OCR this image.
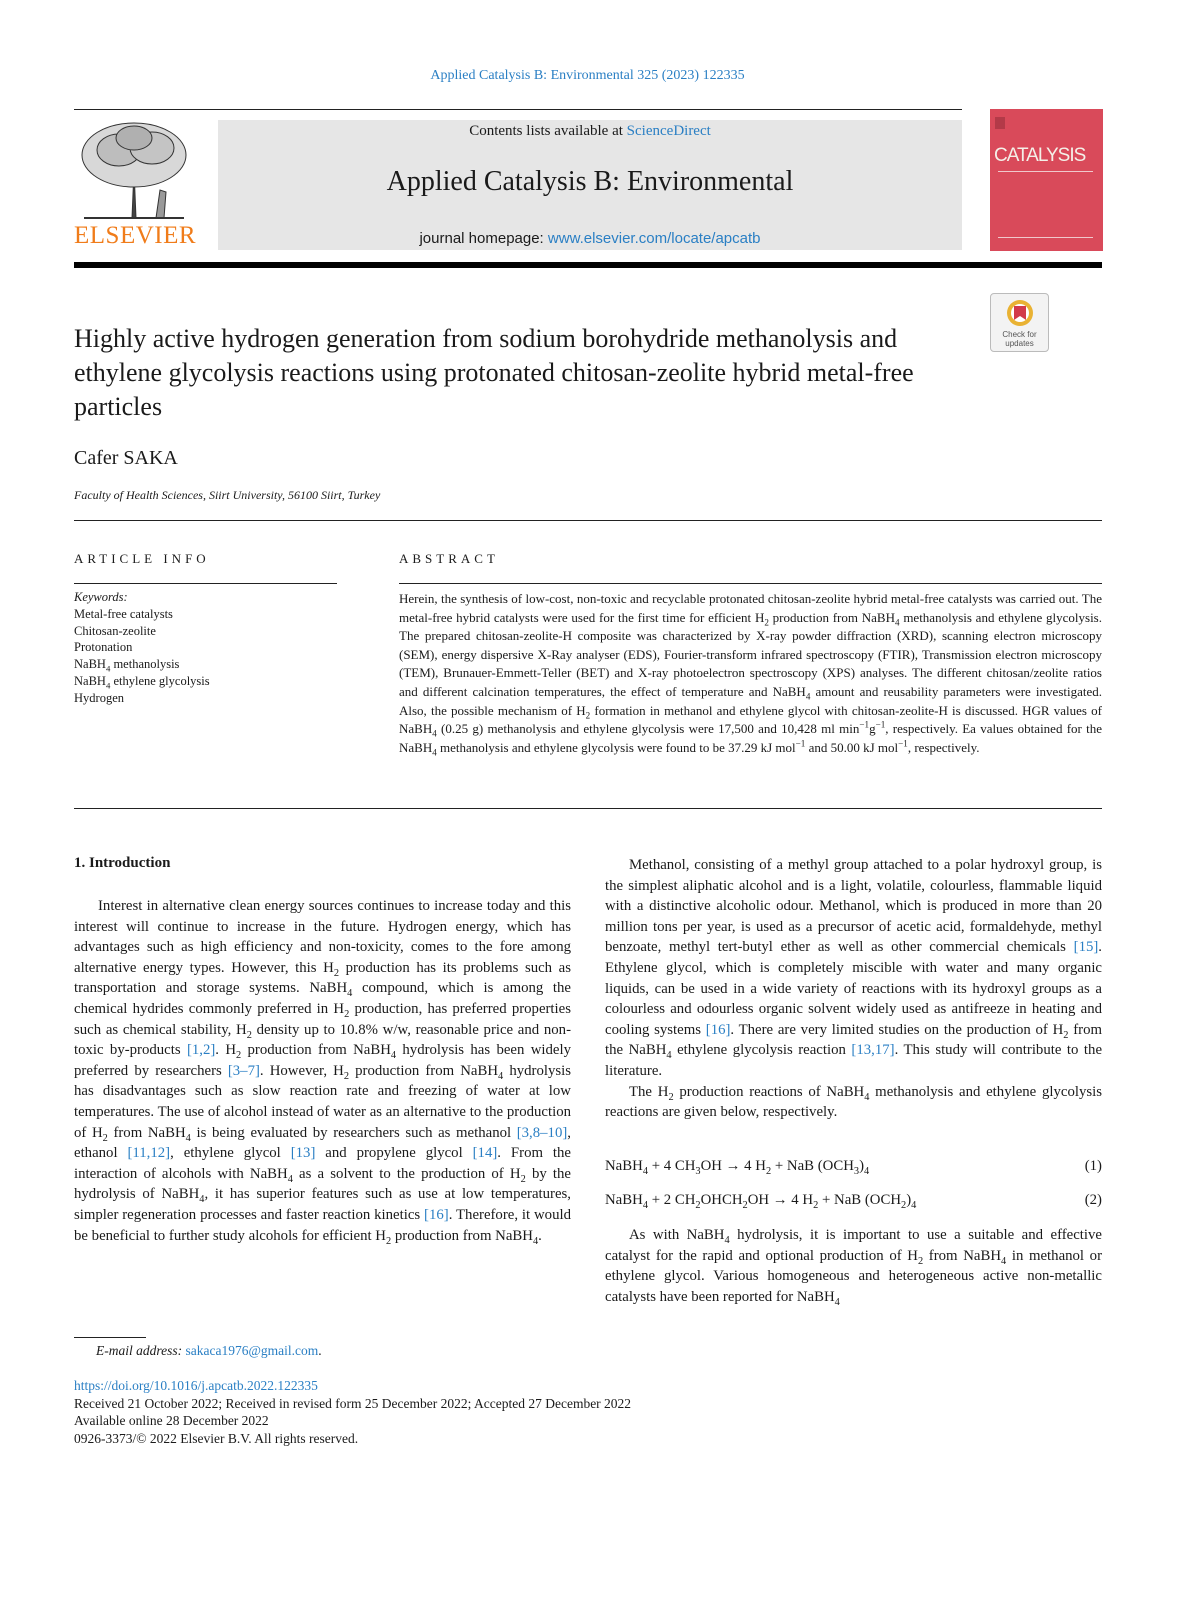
Applied Catalysis B: Environmental 325 (2023) 122335
ELSEVIER
Contents lists available at ScienceDirect
Applied Catalysis B: Environmental
journal homepage: www.elsevier.com/locate/apcatb
CATALYSIS
Check for
updates
Highly active hydrogen generation from sodium borohydride methanolysis and ethylene glycolysis reactions using protonated chitosan-zeolite hybrid metal-free particles
Cafer SAKA
Faculty of Health Sciences, Siirt University, 56100 Siirt, Turkey
ARTICLE INFO	ABSTRACT
Keywords:
Metal-free catalysts
Chitosan-zeolite
Protonation
NaBH$_4$ methanolysis
NaBH$_4$ ethylene glycolysis
Hydrogen
Herein, the synthesis of low-cost, non-toxic and recyclable protonated chitosan-zeolite hybrid metal-free catalysts was carried out. The metal-free hybrid catalysts were used for the first time for efficient $H_2$ production from NaBH$_4$ methanolysis and ethylene glycolysis. The prepared chitosan-zeolite-H composite was characterized by X-ray powder diffraction (XRD), scanning electron microscopy (SEM), energy dispersive X-Ray analyser (EDS), Fourier-transform infrared spectroscopy (FTIR), Transmission electron microscopy (TEM), Brunauer-Emmett-Teller (BET) and X-ray photoelectron spectroscopy (XPS) analyses. The different chitosan/zeolite ratios and different calcination temperatures, the effect of temperature and NaBH$_4$ amount and reusability parameters were investigated. Also, the possible mechanism of $H_2$ formation in methanol and ethylene glycol with chitosan-zeolite-H is discussed. HGR values of NaBH$_4$ (0.25 g) methanolysis and ethylene glycolysis were 17,500 and 10,428 ml $\min^{-1}g^{-1}$, respectively. Ea values obtained for the NaBH$_4$ methanolysis and ethylene glycolysis were found to be 37.29 kJ mol$^{-1}$ and 50.00 kJ mol$^{-1}$, respectively.
1. Introduction

Interest in alternative clean energy sources continues to increase today and this interest will continue to increase in the future. Hydrogen energy, which has advantages such as high efficiency and non-toxicity, comes to the fore among alternative energy types. However, this $H_2$ production has its problems such as transportation and storage systems. NaBH$_4$ compound, which is among the chemical hydrides commonly preferred in $H_2$ production, has preferred properties such as chemical stability, $H_2$ density up to 10.8% w/w, reasonable price and non-toxic by-products [1,2]. $H_2$ production from NaBH$_4$ hydrolysis has been widely preferred by researchers [3–7]. However, $H_2$ production from NaBH$_4$ hydrolysis has disadvantages such as slow reaction rate and freezing of water at low temperatures. The use of alcohol instead of water as an alternative to the production of $H_2$ from NaBH$_4$ is being evaluated by researchers such as methanol [3,8–10], ethanol [11,12], ethylene glycol [13] and propylene glycol [14]. From the interaction of alcohols with NaBH$_4$ as a solvent to the production of $H_2$ by the hydrolysis of NaBH$_4$, it has superior features such as use at low temperatures, simpler regeneration processes and faster reaction kinetics [16]. Therefore, it would be beneficial to further study alcohols for efficient $H_2$ production from NaBH$_4$.

Methanol, consisting of a methyl group attached to a polar hydroxyl group, is the simplest aliphatic alcohol and is a light, volatile, colourless, flammable liquid with a distinctive alcoholic odour. Methanol, which is produced in more than 20 million tons per year, is used as a precursor of acetic acid, formaldehyde, methyl benzoate, methyl tert-butyl ether as well as other commercial chemicals [15]. Ethylene glycol, which is completely miscible with water and many organic liquids, can be used in a wide variety of reactions with its hydroxyl groups as a colourless and odourless organic solvent widely used as antifreeze in heating and cooling systems [16]. There are very limited studies on the production of $H_2$ from the NaBH$_4$ ethylene glycolysis reaction [13,17]. This study will contribute to the literature.

The $H_2$ production reactions of NaBH$_4$ methanolysis and ethylene glycolysis reactions are given below, respectively.

NaBH$_4$ + 4 $CH_3OH \to 4$ $H_2$ + NaB $(OCH_3)_4$	(1)
NaBH$_4$ + 2 $CH_2OHCH_2OH \to 4$ $H_2$ + NaB $(OCH_2)_4$	(2)

As with NaBH$_4$ hydrolysis, it is important to use a suitable and effective catalyst for the rapid and optional production of $H_2$ from NaBH$_4$ in methanol or ethylene glycol. Various homogeneous and heterogeneous active non-metallic catalysts have been reported for NaBH$_4$

E-mail address: sakaca1976@gmail.com.
https://doi.org/10.1016/j.apcatb.2022.122335
Received 21 October 2022; Received in revised form 25 December 2022; Accepted 27 December 2022
Available online 28 December 2022
0926-3373/© 2022 Elsevier B.V. All rights reserved.
